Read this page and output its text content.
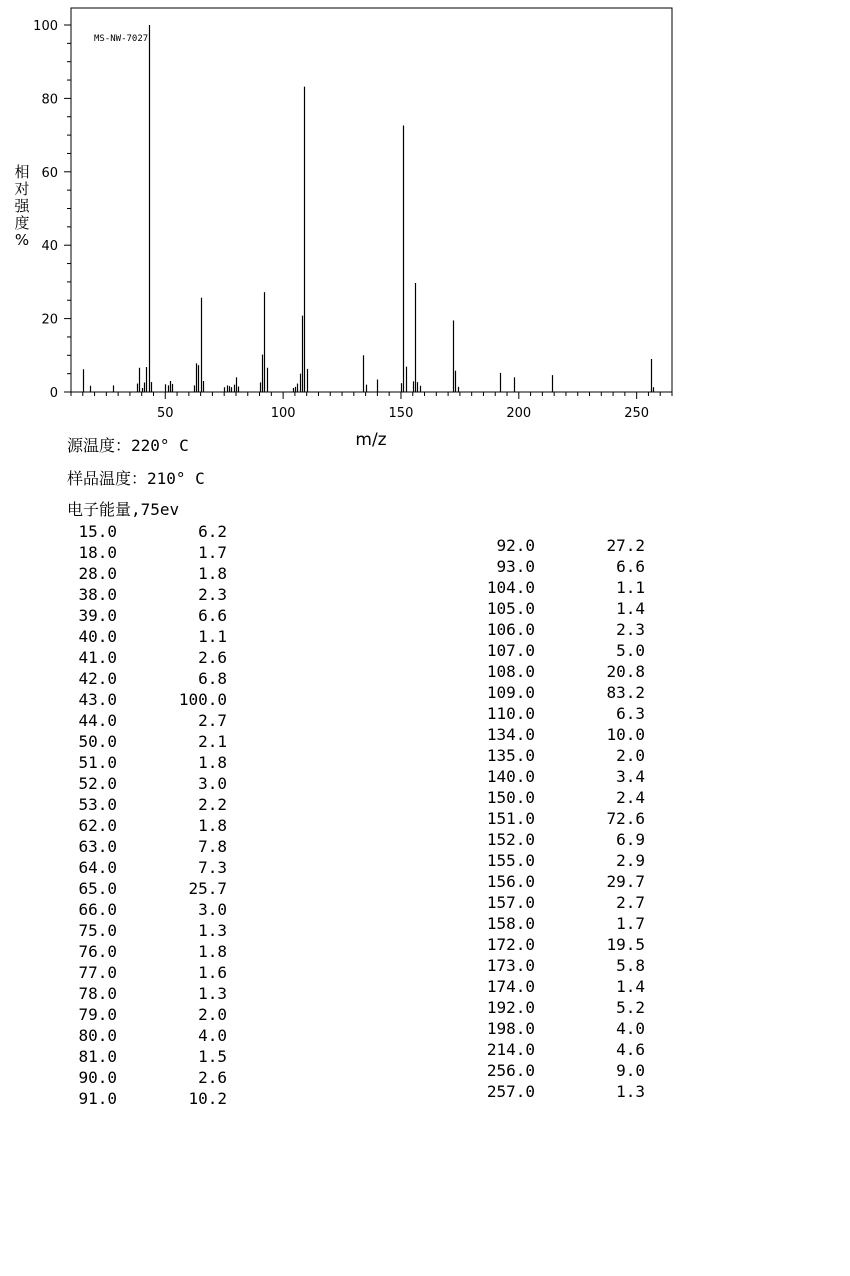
0
20
40
60
80
100
50	100	150	200	250
MS-NW-7027
相对强度%
m/z
源温度：220° C
样品温度：210° C
电子能量,75ev
15.0	6.2
18.0	1.7
28.0	1.8
38.0	2.3
39.0	6.6
40.0	1.1
41.0	2.6
42.0	6.8
43.0	100.0
44.0	2.7
50.0	2.1
51.0	1.8
52.0	3.0
53.0	2.2
62.0	1.8
63.0	7.8
64.0	7.3
65.0	25.7
66.0	3.0
75.0	1.3
76.0	1.8
77.0	1.6
78.0	1.3
79.0	2.0
80.0	4.0
81.0	1.5
90.0	2.6
91.0	10.2
92.0	27.2
93.0	6.6
104.0	1.1
105.0	1.4
106.0	2.3
107.0	5.0
108.0	20.8
109.0	83.2
110.0	6.3
134.0	10.0
135.0	2.0
140.0	3.4
150.0	2.4
151.0	72.6
152.0	6.9
155.0	2.9
156.0	29.7
157.0	2.7
158.0	1.7
172.0	19.5
173.0	5.8
174.0	1.4
192.0	5.2
198.0	4.0
214.0	4.6
256.0	9.0
257.0	1.3
